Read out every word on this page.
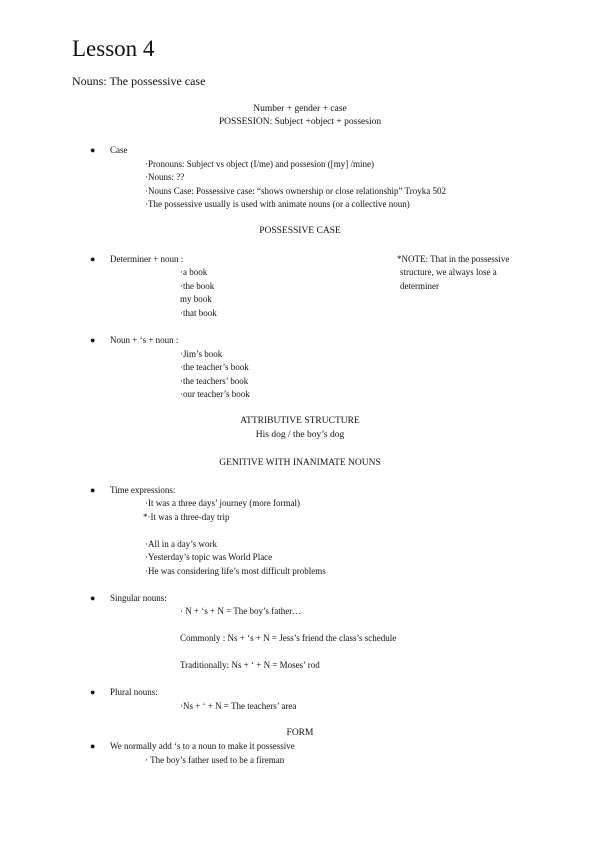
Lesson 4
Nouns: The possessive case
Number + gender + case
POSSESION: Subject +object + possesion
● Case
·Pronouns: Subject vs object (I/me) and possesion ([my] /mine)
·Nouns: ??
·Nouns Case: Possessive case: “shows ownership or close relationship” Troyka 502
·The possessive usually is used with animate nouns (or a collective noun)
POSSESSIVE CASE
● Determiner + noun :
·a book
·the book
my book
·that book
*NOTE: That in the possessive
structure, we always lose a
determiner
● Noun + ‘s + noun :
·Jim’s book
·the teacher’s book
·the teachers’ book
·our teacher’s book
ATTRIBUTIVE STRUCTURE
His dog / the boy’s dog
GENITIVE WITH INANIMATE NOUNS
● Time expressions:
·It was a three days’ journey (more formal)
*·It was a three-day trip
·All in a day’s work
·Yesterday’s topic was World Place
·He was considering life’s most difficult problems
● Singular nouns:
· N + ‘s + N = The boy’s father…
Commonly : Ns + ‘s + N = Jess’s friend the class’s schedule
Traditionally: Ns + ‘ + N = Moses’ rod
● Plural nouns:
·Ns + ‘ + N = The teachers’ area
FORM
● We normally add ‘s to a noun to make it possessive
· The boy’s father used to be a fireman
